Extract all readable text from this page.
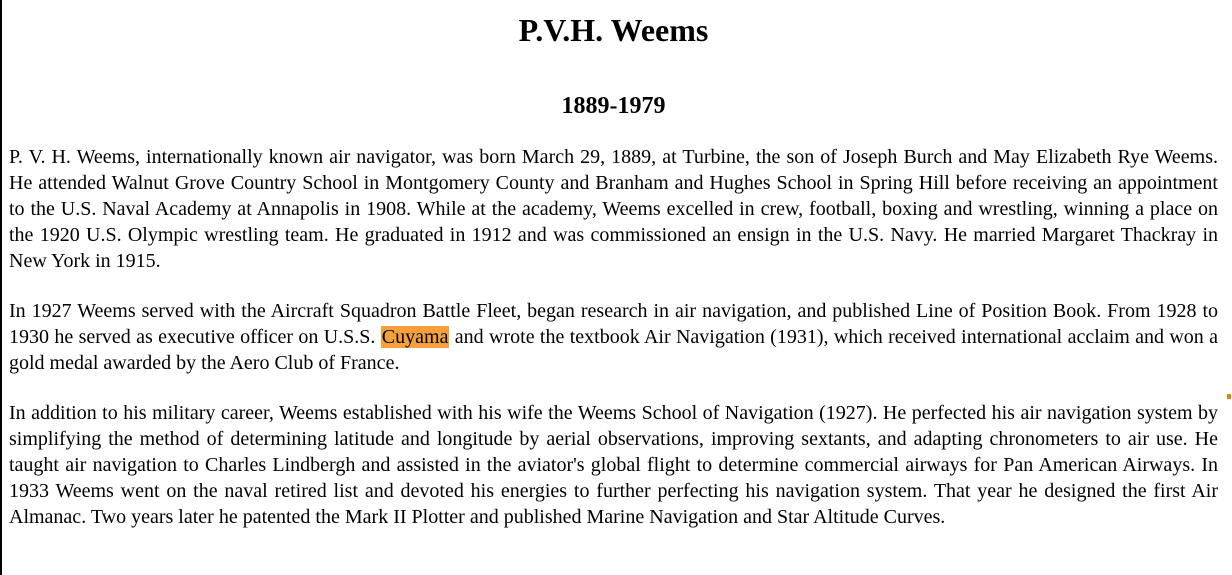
P.V.H. Weems
1889-1979

P. V. H. Weems, internationally known air navigator, was born March 29, 1889, at Turbine, the son of Joseph Burch and May Elizabeth Rye Weems. He attended Walnut Grove Country School in Montgomery County and Branham and Hughes School in Spring Hill before receiving an appointment to the U.S. Naval Academy at Annapolis in 1908. While at the academy, Weems excelled in crew, football, boxing and wrestling, winning a place on the 1920 U.S. Olympic wrestling team. He graduated in 1912 and was commissioned an ensign in the U.S. Navy. He married Margaret Thackray in New York in 1915.

In 1927 Weems served with the Aircraft Squadron Battle Fleet, began research in air navigation, and published Line of Position Book. From 1928 to 1930 he served as executive officer on U.S.S. Cuyama and wrote the textbook Air Navigation (1931), which received international acclaim and won a gold medal awarded by the Aero Club of France.

In addition to his military career, Weems established with his wife the Weems School of Navigation (1927). He perfected his air navigation system by simplifying the method of determining latitude and longitude by aerial observations, improving sextants, and adapting chronometers to air use. He taught air navigation to Charles Lindbergh and assisted in the aviator's global flight to determine commercial airways for Pan American Airways. In 1933 Weems went on the naval retired list and devoted his energies to further perfecting his navigation system. That year he designed the first Air Almanac. Two years later he patented the Mark II Plotter and published Marine Navigation and Star Altitude Curves.
